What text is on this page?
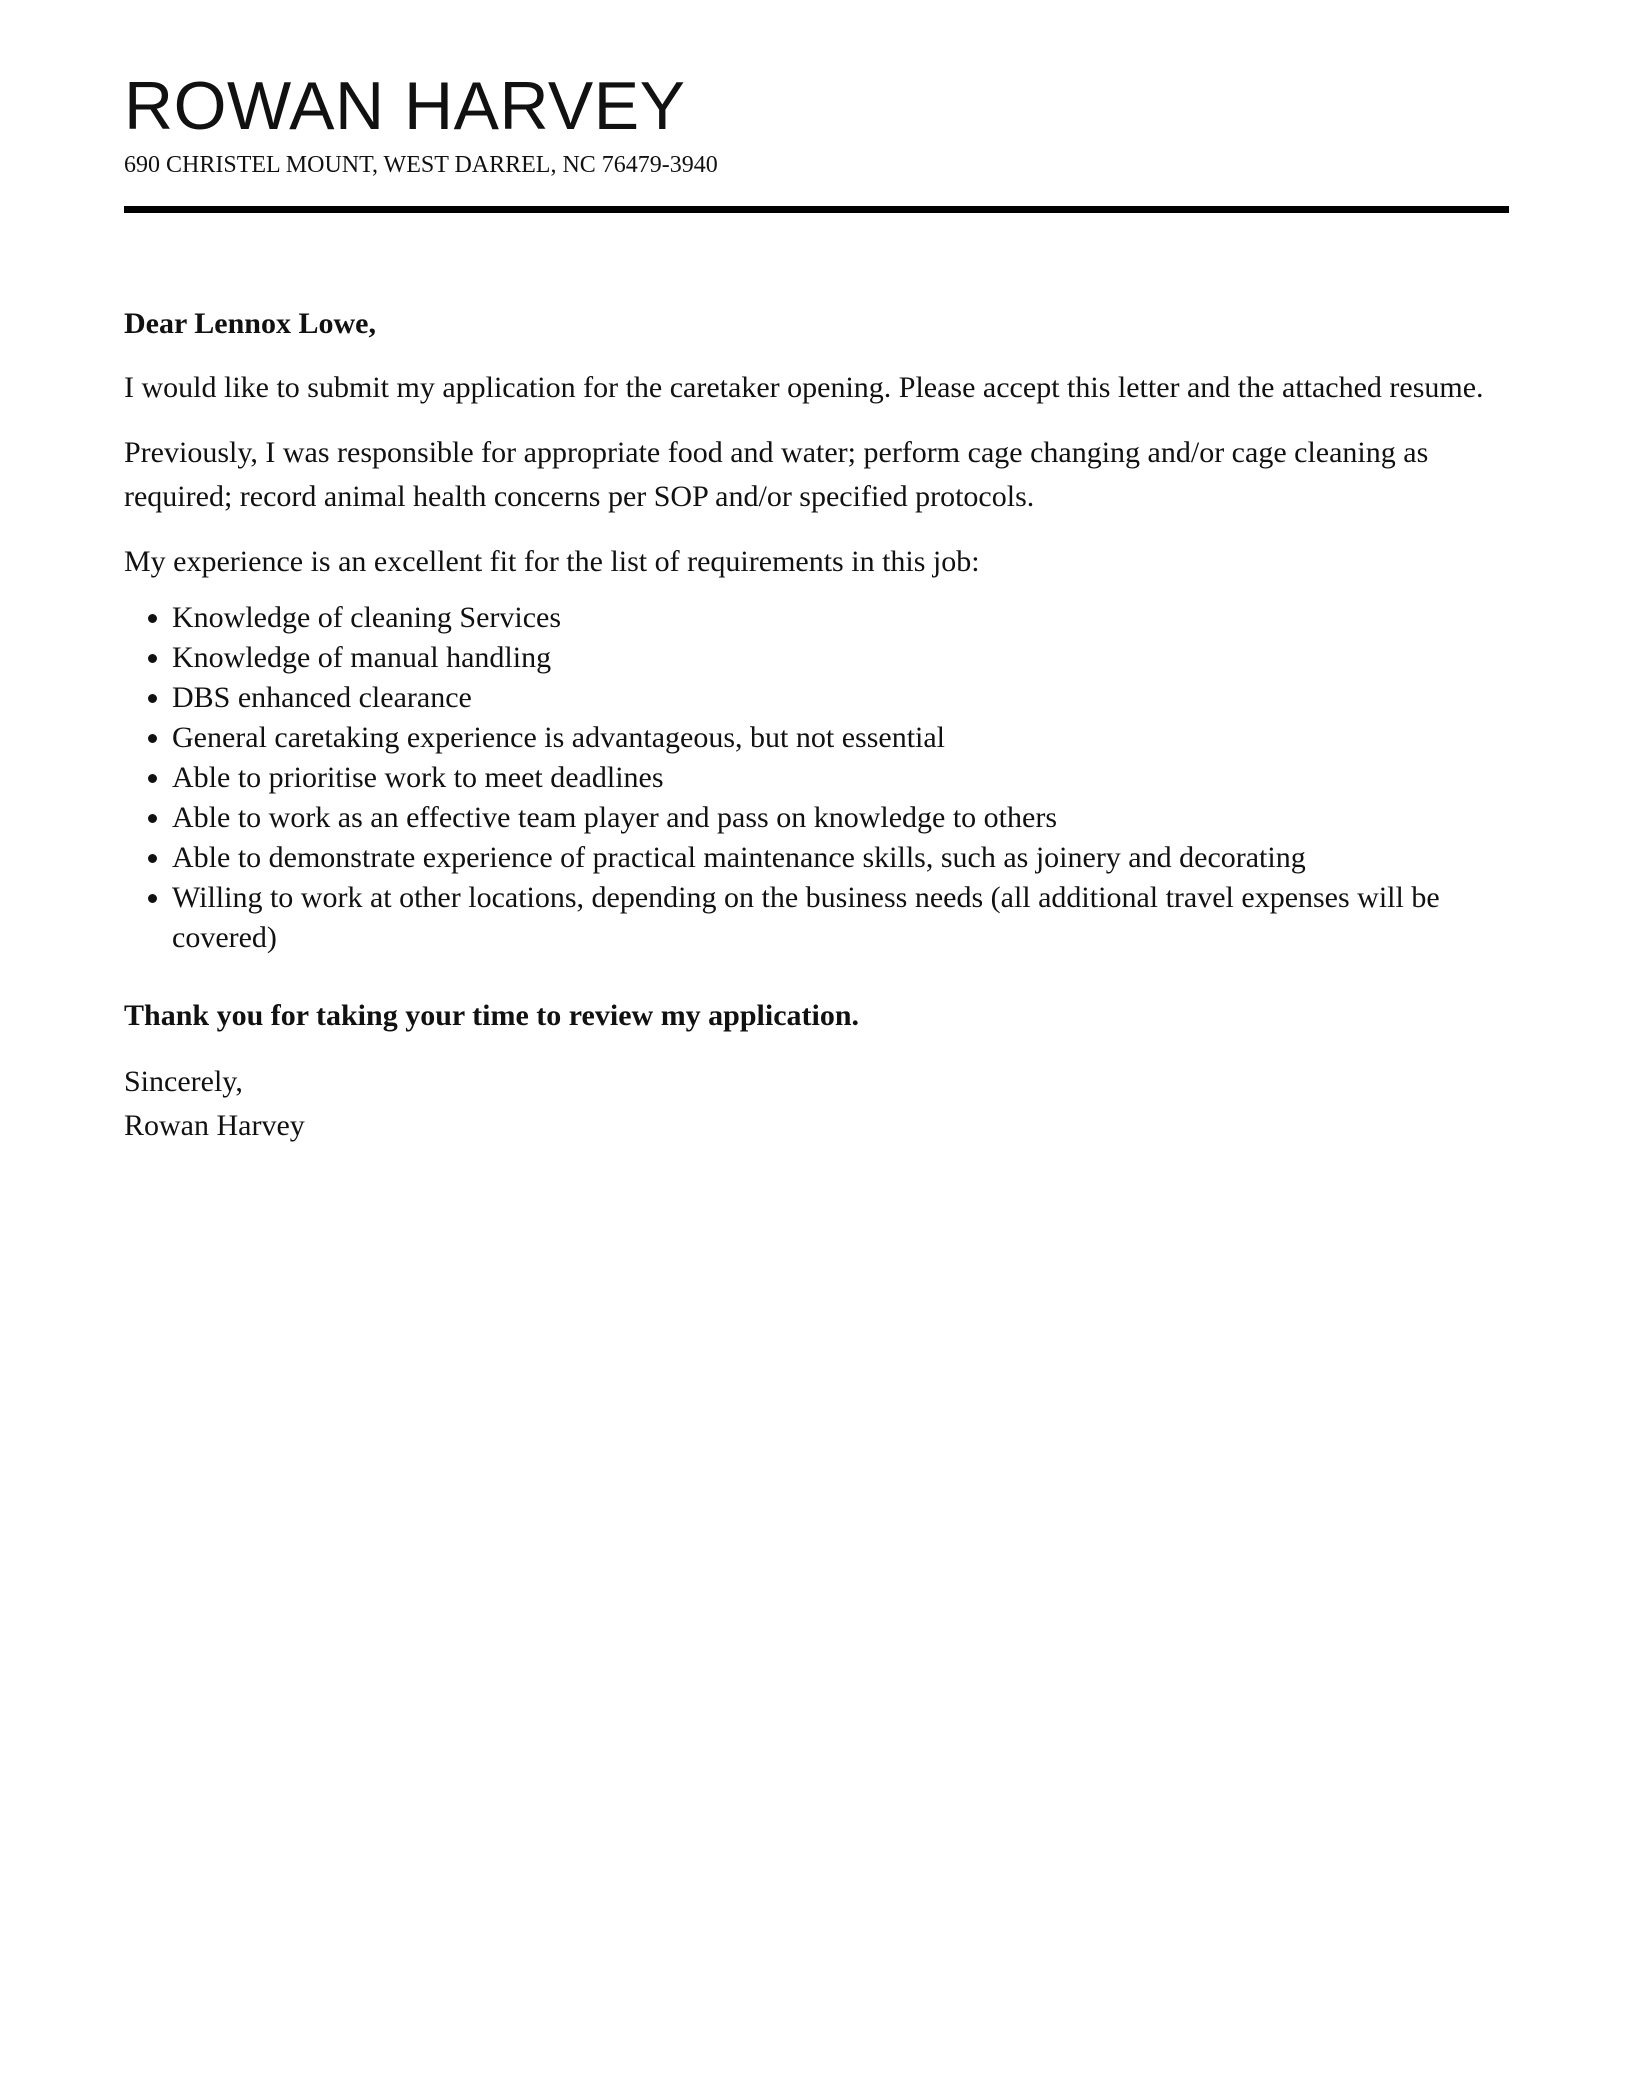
ROWAN HARVEY
690 CHRISTEL MOUNT, WEST DARREL, NC 76479-3940

Dear Lennox Lowe,

I would like to submit my application for the caretaker opening. Please accept this letter and the attached resume.

Previously, I was responsible for appropriate food and water; perform cage changing and/or cage cleaning as required; record animal health concerns per SOP and/or specified protocols.

My experience is an excellent fit for the list of requirements in this job:

• Knowledge of cleaning Services
• Knowledge of manual handling
• DBS enhanced clearance
• General caretaking experience is advantageous, but not essential
• Able to prioritise work to meet deadlines
• Able to work as an effective team player and pass on knowledge to others
• Able to demonstrate experience of practical maintenance skills, such as joinery and decorating
• Willing to work at other locations, depending on the business needs (all additional travel expenses will be covered)

Thank you for taking your time to review my application.

Sincerely,

Rowan Harvey
